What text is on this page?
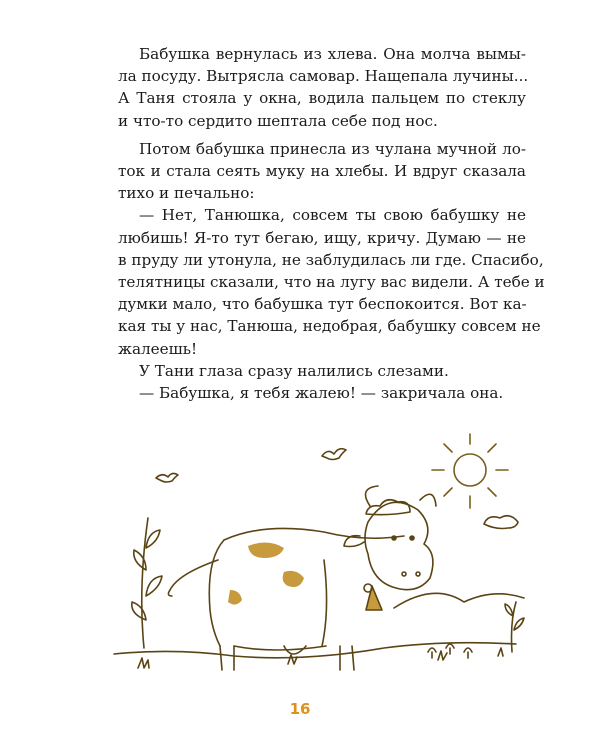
Бабушка вернулась из хлева. Она молча вымы-
ла посуду. Вытрясла самовар. Нащепала лучины...
А Таня стояла у окна, водила пальцем по стеклу
и что-то сердито шептала себе под нос.

Потом бабушка принесла из чулана мучной ло-
ток и стала сеять муку на хлебы. И вдруг сказала
тихо и печально:

— Нет, Танюшка, совсем ты свою бабушку не
любишь! Я-то тут бегаю, ищу, кричу. Думаю — не
в пруду ли утонула, не заблудилась ли где. Спасибо,
телятницы сказали, что на лугу вас видели. А тебе и
думки мало, что бабушка тут беспокоится. Вот ка-
кая ты у нас, Танюша, недобрая, бабушку совсем не
жалеешь!

У Тани глаза сразу налились слезами.

— Бабушка, я тебя жалею! — закричала она.

16
